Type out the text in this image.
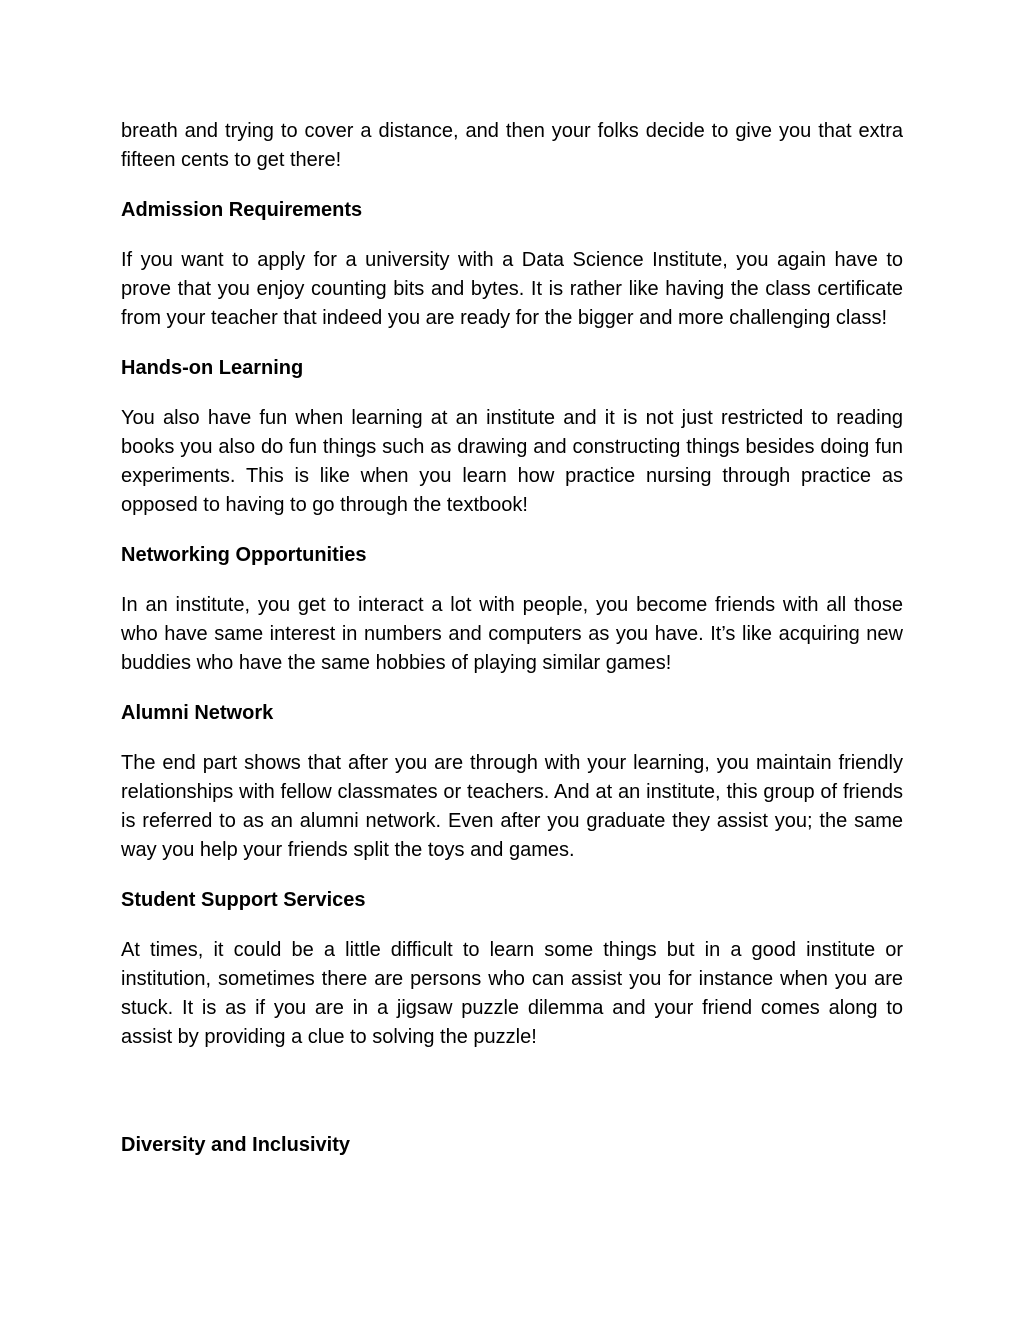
breath and trying to cover a distance, and then your folks decide to give you that extra fifteen cents to get there!

Admission Requirements

If you want to apply for a university with a Data Science Institute, you again have to prove that you enjoy counting bits and bytes. It is rather like having the class certificate from your teacher that indeed you are ready for the bigger and more challenging class!

Hands-on Learning

You also have fun when learning at an institute and it is not just restricted to reading books you also do fun things such as drawing and constructing things besides doing fun experiments. This is like when you learn how practice nursing through practice as opposed to having to go through the textbook!

Networking Opportunities

In an institute, you get to interact a lot with people, you become friends with all those who have same interest in numbers and computers as you have. It’s like acquiring new buddies who have the same hobbies of playing similar games!

Alumni Network

The end part shows that after you are through with your learning, you maintain friendly relationships with fellow classmates or teachers. And at an institute, this group of friends is referred to as an alumni network. Even after you graduate they assist you; the same way you help your friends split the toys and games.

Student Support Services

At times, it could be a little difficult to learn some things but in a good institute or institution, sometimes there are persons who can assist you for instance when you are stuck. It is as if you are in a jigsaw puzzle dilemma and your friend comes along to assist by providing a clue to solving the puzzle!

Diversity and Inclusivity
